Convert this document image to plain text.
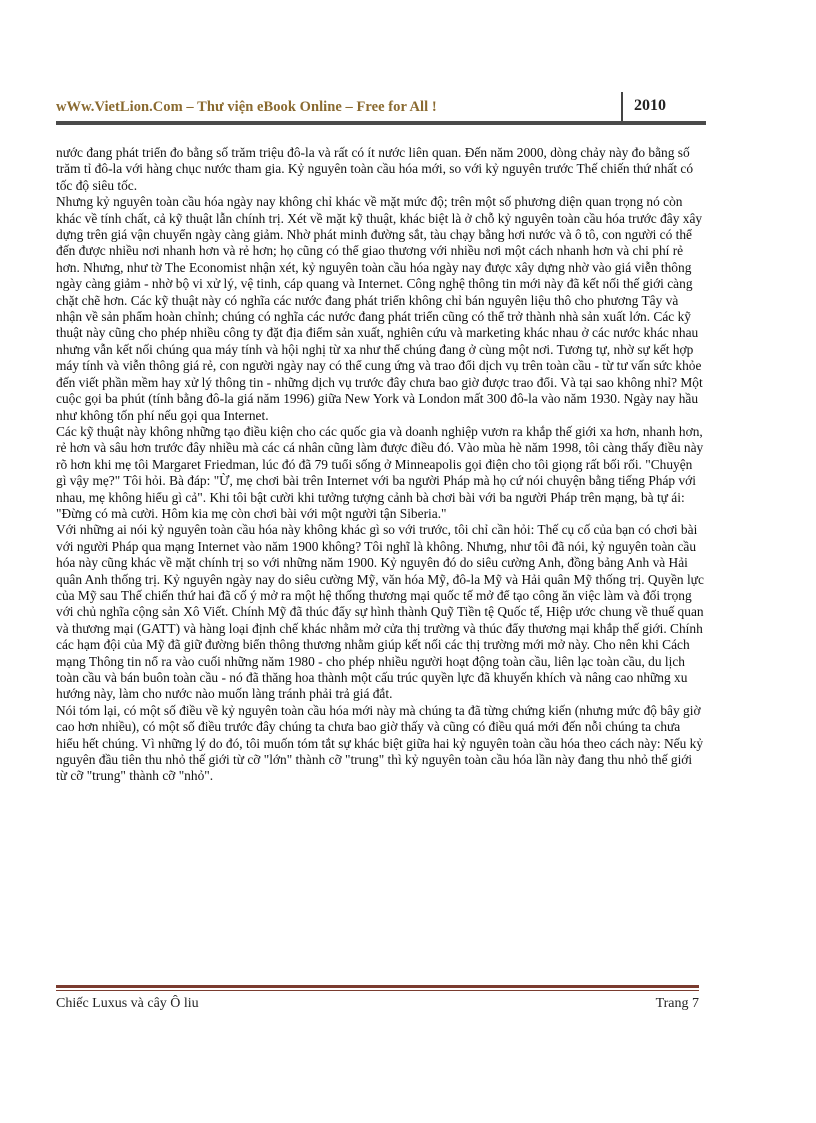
wWw.VietLion.Com – Thư viện eBook Online – Free for All !	2010

nước đang phát triển đo bằng số trăm triệu đô-la và rất có ít nước liên quan. Đến năm 2000, dòng chảy này đo bằng số trăm tỉ đô-la với hàng chục nước tham gia. Kỷ nguyên toàn cầu hóa mới, so với kỷ nguyên trước Thế chiến thứ nhất có tốc độ siêu tốc.

Nhưng kỷ nguyên toàn cầu hóa ngày nay không chỉ khác về mặt mức độ; trên một số phương diện quan trọng nó còn khác về tính chất, cả kỹ thuật lẫn chính trị. Xét về mặt kỹ thuật, khác biệt là ở chỗ kỷ nguyên toàn cầu hóa trước đây xây dựng trên giá vận chuyển ngày càng giảm. Nhờ phát minh đường sắt, tàu chạy bằng hơi nước và ô tô, con người có thể đến được nhiều nơi nhanh hơn và rẻ hơn; họ cũng có thể giao thương với nhiều nơi một cách nhanh hơn và chi phí rẻ hơn. Nhưng, như tờ The Economist nhận xét, kỷ nguyên toàn cầu hóa ngày nay được xây dựng nhờ vào giá viễn thông ngày càng giảm - nhờ bộ vi xử lý, vệ tinh, cáp quang và Internet. Công nghệ thông tin mới này đã kết nối thế giới càng chặt chẽ hơn. Các kỹ thuật này có nghĩa các nước đang phát triển không chỉ bán nguyên liệu thô cho phương Tây và nhận về sản phẩm hoàn chỉnh; chúng có nghĩa các nước đang phát triển cũng có thể trở thành nhà sản xuất lớn. Các kỹ thuật này cũng cho phép nhiều công ty đặt địa điểm sản xuất, nghiên cứu và marketing khác nhau ở các nước khác nhau nhưng vẫn kết nối chúng qua máy tính và hội nghị từ xa như thể chúng đang ở cùng một nơi. Tương tự, nhờ sự kết hợp máy tính và viễn thông giá rẻ, con người ngày nay có thể cung ứng và trao đổi dịch vụ trên toàn cầu - từ tư vấn sức khỏe đến viết phần mềm hay xử lý thông tin - những dịch vụ trước đây chưa bao giờ được trao đổi. Và tại sao không nhỉ? Một cuộc gọi ba phút (tính bằng đô-la giá năm 1996) giữa New York và London mất 300 đô-la vào năm 1930. Ngày nay hầu như không tốn phí nếu gọi qua Internet.

Các kỹ thuật này không những tạo điều kiện cho các quốc gia và doanh nghiệp vươn ra khắp thế giới xa hơn, nhanh hơn, rẻ hơn và sâu hơn trước đây nhiều mà các cá nhân cũng làm được điều đó. Vào mùa hè năm 1998, tôi càng thấy điều này rõ hơn khi mẹ tôi Margaret Friedman, lúc đó đã 79 tuổi sống ở Minneapolis gọi điện cho tôi giọng rất bối rối. "Chuyện gì vậy mẹ?" Tôi hỏi. Bà đáp: "Ừ, mẹ chơi bài trên Internet với ba người Pháp mà họ cứ nói chuyện bằng tiếng Pháp với nhau, mẹ không hiểu gì cả". Khi tôi bật cười khi tưởng tượng cảnh bà chơi bài với ba người Pháp trên mạng, bà tự ái: "Đừng có mà cười. Hôm kia mẹ còn chơi bài với một người tận Siberia."

Với những ai nói kỷ nguyên toàn cầu hóa này không khác gì so với trước, tôi chỉ cần hỏi: Thế cụ cố của bạn có chơi bài với người Pháp qua mạng Internet vào năm 1900 không? Tôi nghĩ là không. Nhưng, như tôi đã nói, kỷ nguyên toàn cầu hóa này cũng khác về mặt chính trị so với những năm 1900. Kỷ nguyên đó do siêu cường Anh, đồng bảng Anh và Hải quân Anh thống trị. Kỷ nguyên ngày nay do siêu cường Mỹ, văn hóa Mỹ, đô-la Mỹ và Hải quân Mỹ thống trị. Quyền lực của Mỹ sau Thế chiến thứ hai đã cố ý mở ra một hệ thống thương mại quốc tế mở để tạo công ăn việc làm và đối trọng với chủ nghĩa cộng sản Xô Viết. Chính Mỹ đã thúc đẩy sự hình thành Quỹ Tiền tệ Quốc tế, Hiệp ước chung về thuế quan và thương mại (GATT) và hàng loại định chế khác nhằm mở cửa thị trường và thúc đẩy thương mại khắp thế giới. Chính các hạm đội của Mỹ đã giữ đường biển thông thương nhằm giúp kết nối các thị trường mới mở này. Cho nên khi Cách mạng Thông tin nổ ra vào cuối những năm 1980 - cho phép nhiều người hoạt động toàn cầu, liên lạc toàn cầu, du lịch toàn cầu và bán buôn toàn cầu - nó đã thăng hoa thành một cấu trúc quyền lực đã khuyến khích và nâng cao những xu hướng này, làm cho nước nào muốn làng tránh phải trả giá đắt.

Nói tóm lại, có một số điều về kỷ nguyên toàn cầu hóa mới này mà chúng ta đã từng chứng kiến (nhưng mức độ bây giờ cao hơn nhiều), có một số điều trước đây chúng ta chưa bao giờ thấy và cũng có điều quá mới đến nỗi chúng ta chưa hiểu hết chúng. Vì những lý do đó, tôi muốn tóm tắt sự khác biệt giữa hai kỷ nguyên toàn cầu hóa theo cách này: Nếu kỷ nguyên đầu tiên thu nhỏ thế giới từ cỡ "lớn" thành cỡ "trung" thì kỷ nguyên toàn cầu hóa lần này đang thu nhỏ thế giới từ cỡ "trung" thành cỡ "nhỏ".

Chiếc Luxus và cây Ô liu	Trang 7
